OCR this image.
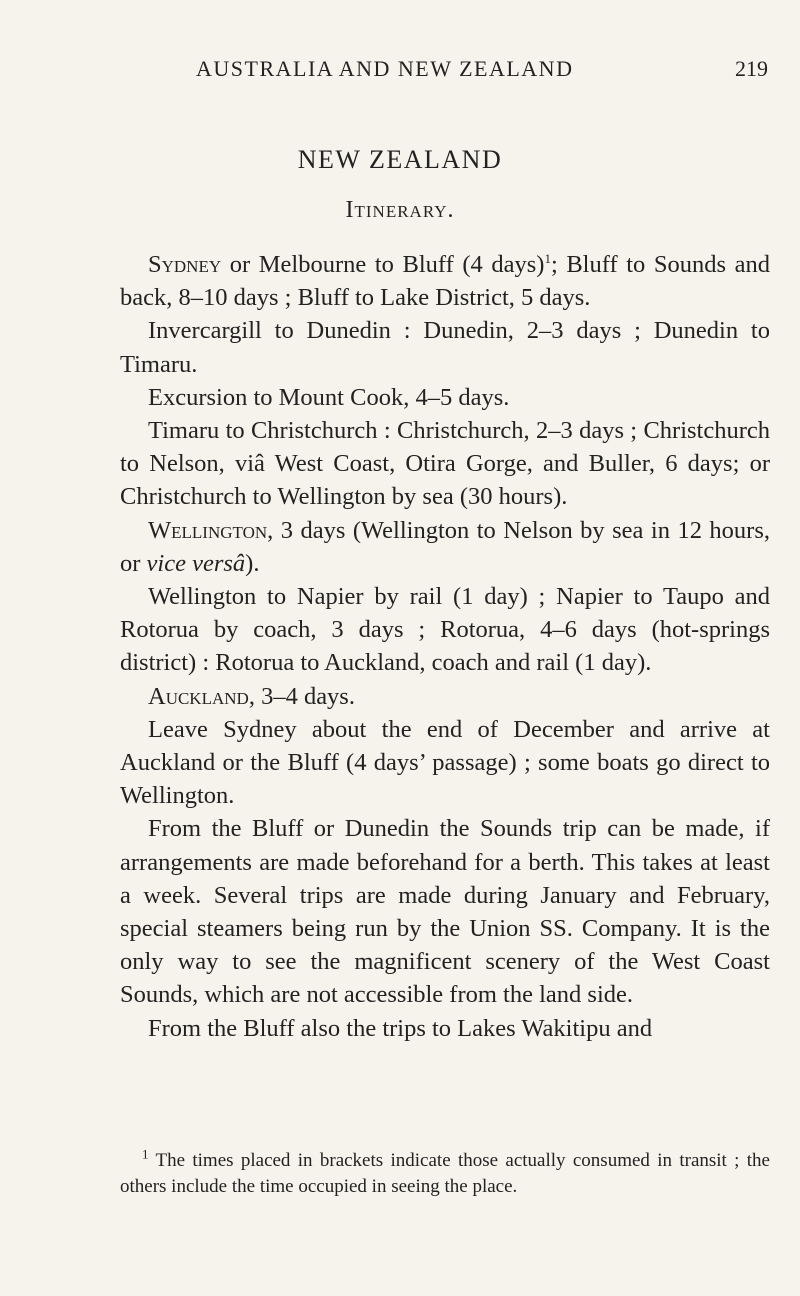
AUSTRALIA AND NEW ZEALAND	219
NEW ZEALAND
Itinerary.

Sydney or Melbourne to Bluff (4 days)$^1$; Bluff to Sounds and back, 8–10 days ; Bluff to Lake District, 5 days.

Invercargill to Dunedin : Dunedin, 2–3 days ; Dunedin to Timaru.

Excursion to Mount Cook, 4–5 days.

Timaru to Christchurch : Christchurch, 2–3 days ; Christchurch to Nelson, viâ West Coast, Otira Gorge, and Buller, 6 days; or Christchurch to Wellington by sea (30 hours).

Wellington, 3 days (Wellington to Nelson by sea in 12 hours, or vice versâ).

Wellington to Napier by rail (1 day) ; Napier to Taupo and Rotorua by coach, 3 days ; Rotorua, 4–6 days (hot-springs district) : Rotorua to Auckland, coach and rail (1 day).

Auckland, 3–4 days.

Leave Sydney about the end of December and arrive at Auckland or the Bluff (4 days’ passage) ; some boats go direct to Wellington.

From the Bluff or Dunedin the Sounds trip can be made, if arrangements are made beforehand for a berth. This takes at least a week. Several trips are made during January and February, special steamers being run by the Union SS. Company. It is the only way to see the magnificent scenery of the West Coast Sounds, which are not accessible from the land side.

From the Bluff also the trips to Lakes Wakitipu and

$^1$ The times placed in brackets indicate those actually consumed in transit ; the others include the time occupied in seeing the place.
